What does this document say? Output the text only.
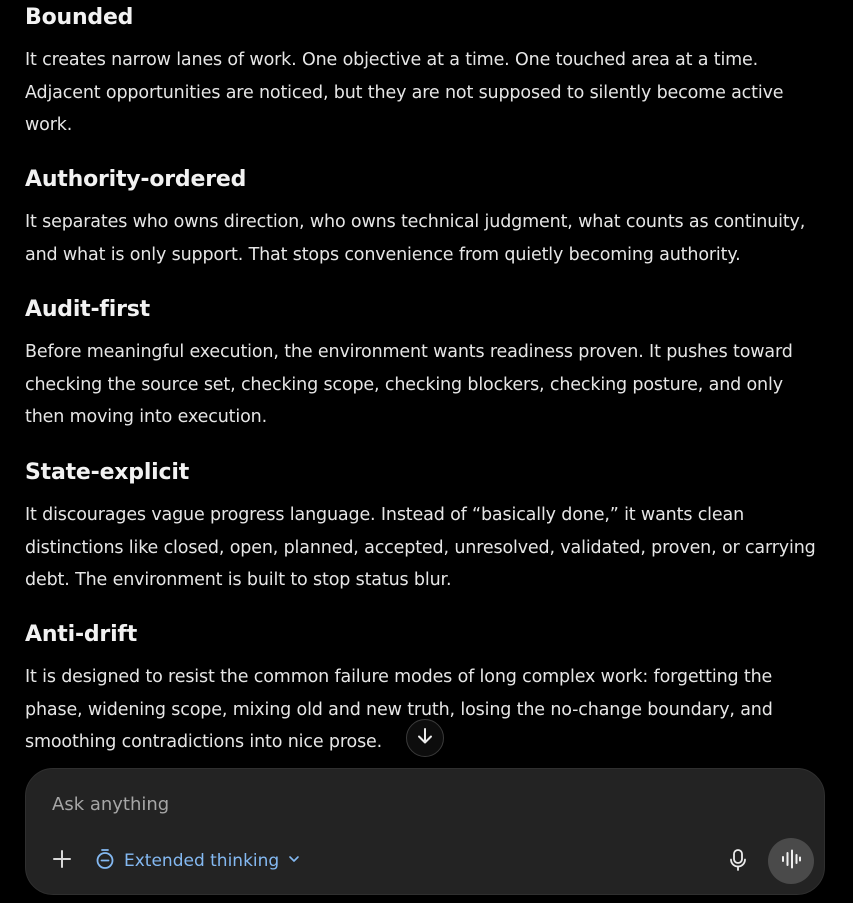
Bounded
It creates narrow lanes of work. One objective at a time. One touched area at a time. Adjacent opportunities are noticed, but they are not supposed to silently become active work.
Authority-ordered
It separates who owns direction, who owns technical judgment, what counts as continuity, and what is only support. That stops convenience from quietly becoming authority.
Audit-first
Before meaningful execution, the environment wants readiness proven. It pushes toward checking the source set, checking scope, checking blockers, checking posture, and only then moving into execution.
State-explicit
It discourages vague progress language. Instead of “basically done,” it wants clean distinctions like closed, open, planned, accepted, unresolved, validated, proven, or carrying debt. The environment is built to stop status blur.
Anti-drift
It is designed to resist the common failure modes of long complex work: forgetting the phase, widening scope, mixing old and new truth, losing the no-change boundary, and smoothing contradictions into nice prose.
Ask anything
Extended thinking
